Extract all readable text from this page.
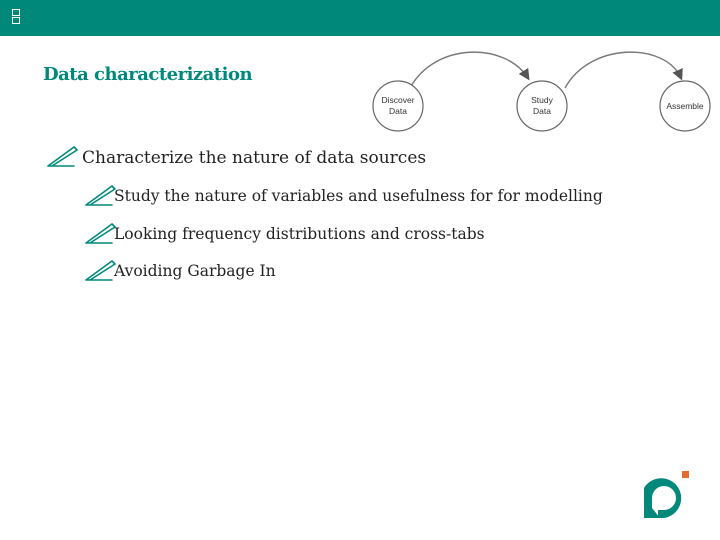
Data characterization
Discover
Data
Study
Data	Assemble
Characterize the nature of data sources
Study the nature of variables and usefulness for for modelling
Looking frequency distributions and cross-tabs
Avoiding Garbage In
